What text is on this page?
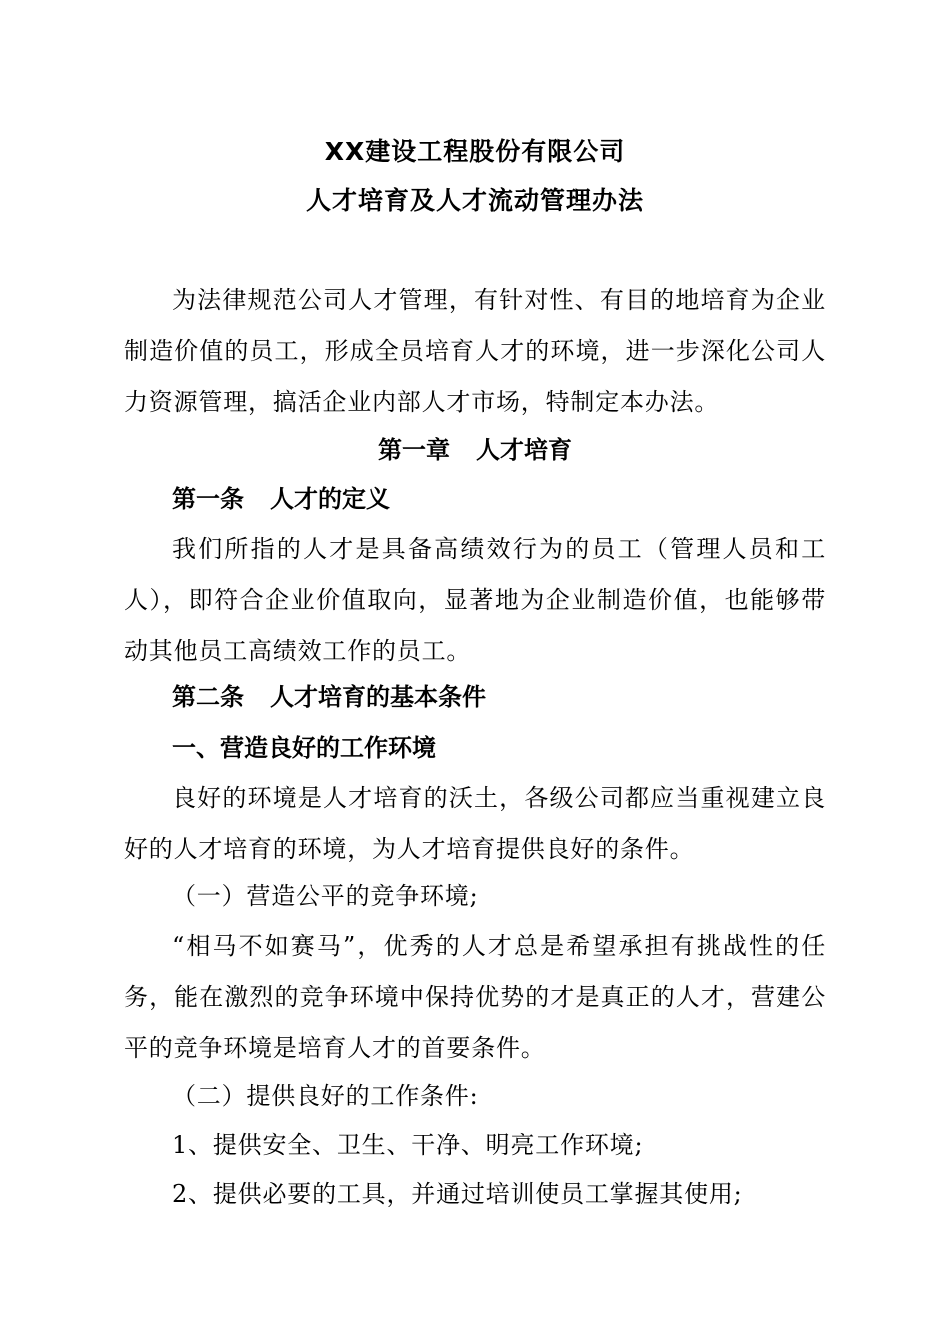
XX建设工程股份有限公司
人才培育及人才流动管理办法
为法律规范公司人才管理，有针对性、有目的地培育为企业制造价值的员工，形成全员培育人才的环境，进一步深化公司人力资源管理，搞活企业内部人才市场，特制定本办法。
第一章 人才培育
第一条 人才的定义
我们所指的人才是具备高绩效行为的员工（管理人员和工人），即符合企业价值取向，显著地为企业制造价值，也能够带动其他员工高绩效工作的员工。
第二条 人才培育的基本条件
一、营造良好的工作环境
良好的环境是人才培育的沃土，各级公司都应当重视建立良好的人才培育的环境，为人才培育提供良好的条件。
（一）营造公平的竞争环境;
“相马不如赛马”，优秀的人才总是希望承担有挑战性的任务，能在激烈的竞争环境中保持优势的才是真正的人才，营建公平的竞争环境是培育人才的首要条件。
（二）提供良好的工作条件:
1、提供安全、卫生、干净、明亮工作环境;
2、提供必要的工具，并通过培训使员工掌握其使用;
